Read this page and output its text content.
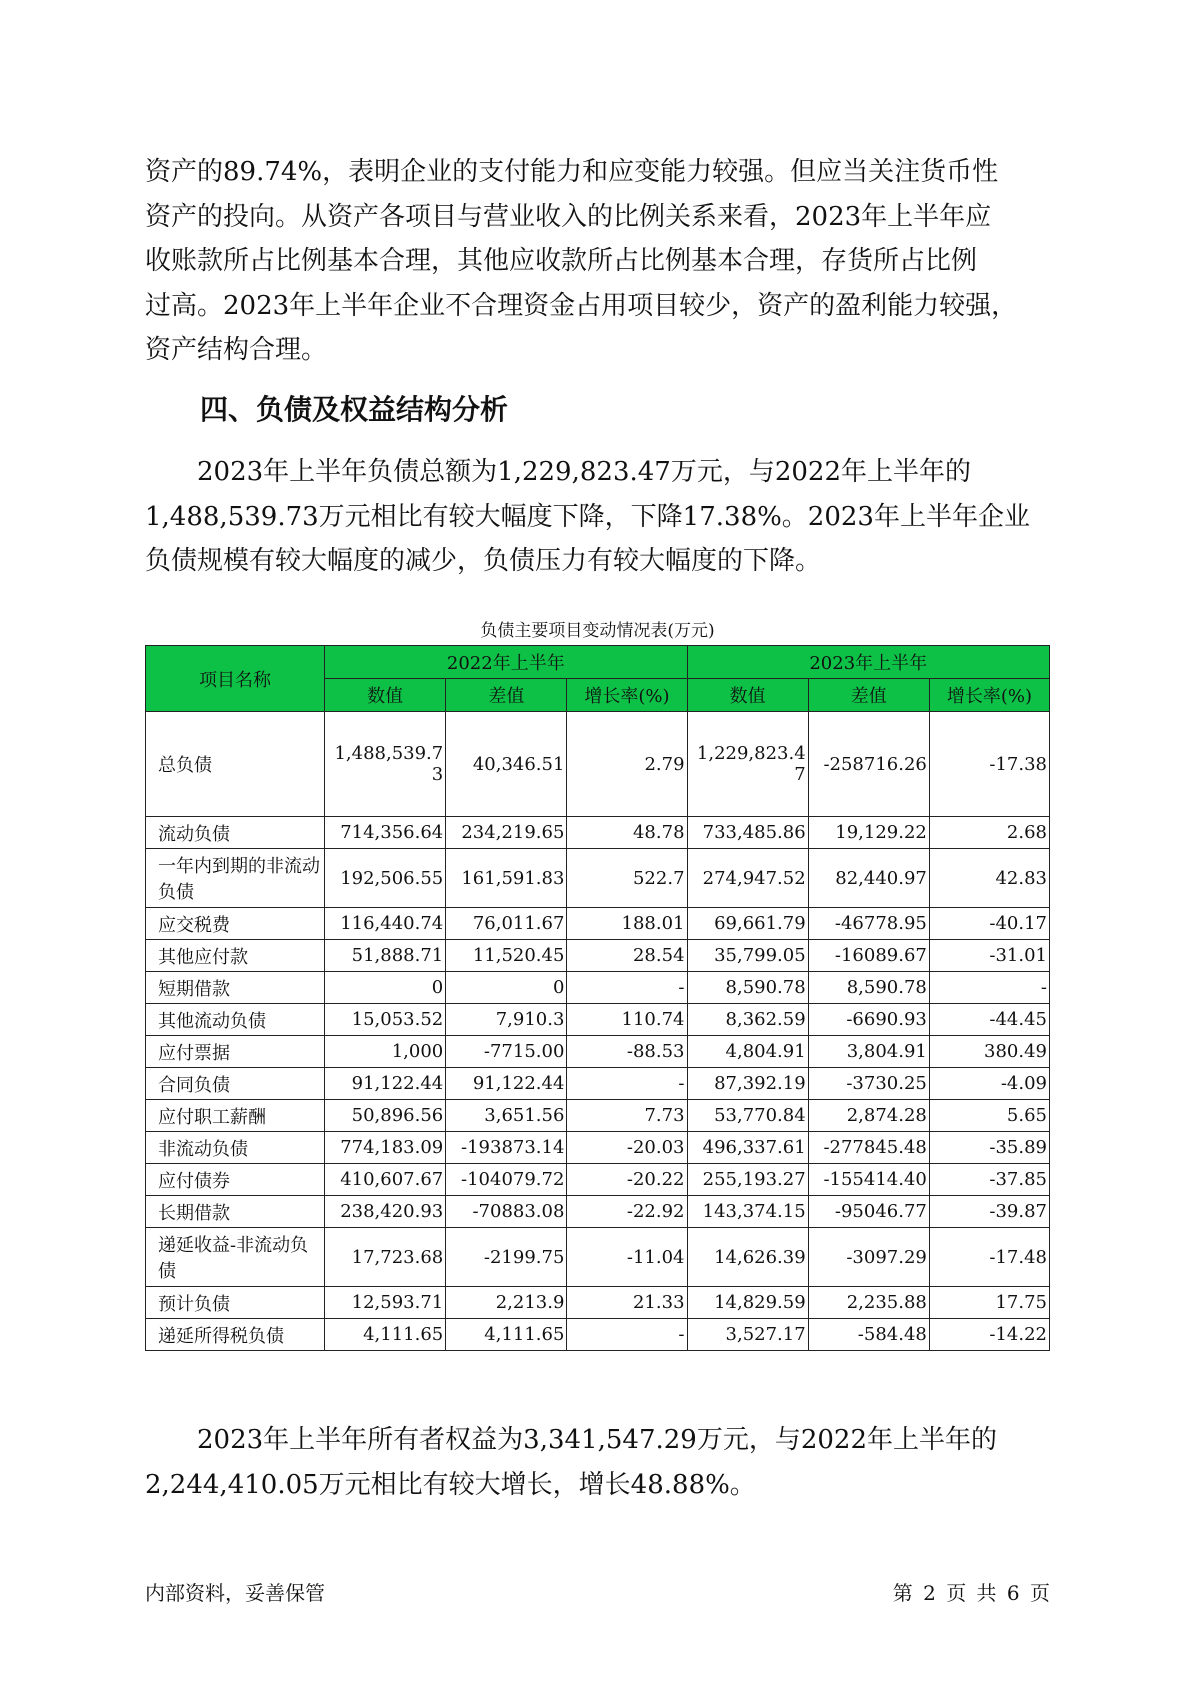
资产的89.74%，表明企业的支付能力和应变能力较强。但应当关注货币性
资产的投向。从资产各项目与营业收入的比例关系来看，2023年上半年应
收账款所占比例基本合理，其他应收款所占比例基本合理，存货所占比例
过高。2023年上半年企业不合理资金占用项目较少，资产的盈利能力较强，
资产结构合理。
四、负债及权益结构分析
2023年上半年负债总额为1,229,823.47万元，与2022年上半年的
1,488,539.73万元相比有较大幅度下降，下降17.38%。2023年上半年企业
负债规模有较大幅度的减少，负债压力有较大幅度的下降。
负债主要项目变动情况表(万元)
项目名称	2022年上半年			2023年上半年		
	数值	差值	增长率(%)	数值	差值	增长率(%)
总负债	1,488,539.73	40,346.51	2.79	1,229,823.47	-258716.26	-17.38
流动负债	714,356.64	234,219.65	48.78	733,485.86	19,129.22	2.68
一年内到期的非流动负债	192,506.55	161,591.83	522.7	274,947.52	82,440.97	42.83
应交税费	116,440.74	76,011.67	188.01	69,661.79	-46778.95	-40.17
其他应付款	51,888.71	11,520.45	28.54	35,799.05	-16089.67	-31.01
短期借款	0	0	-	8,590.78	8,590.78	-
其他流动负债	15,053.52	7,910.3	110.74	8,362.59	-6690.93	-44.45
应付票据	1,000	-7715.00	-88.53	4,804.91	3,804.91	380.49
合同负债	91,122.44	91,122.44	-	87,392.19	-3730.25	-4.09
应付职工薪酬	50,896.56	3,651.56	7.73	53,770.84	2,874.28	5.65
非流动负债	774,183.09	-193873.14	-20.03	496,337.61	-277845.48	-35.89
应付债券	410,607.67	-104079.72	-20.22	255,193.27	-155414.40	-37.85
长期借款	238,420.93	-70883.08	-22.92	143,374.15	-95046.77	-39.87
递延收益-非流动负债	17,723.68	-2199.75	-11.04	14,626.39	-3097.29	-17.48
预计负债	12,593.71	2,213.9	21.33	14,829.59	2,235.88	17.75
递延所得税负债	4,111.65	4,111.65	-	3,527.17	-584.48	-14.22
2023年上半年所有者权益为3,341,547.29万元，与2022年上半年的
2,244,410.05万元相比有较大增长，增长48.88%。
内部资料，妥善保管	第 2 页 共 6 页
